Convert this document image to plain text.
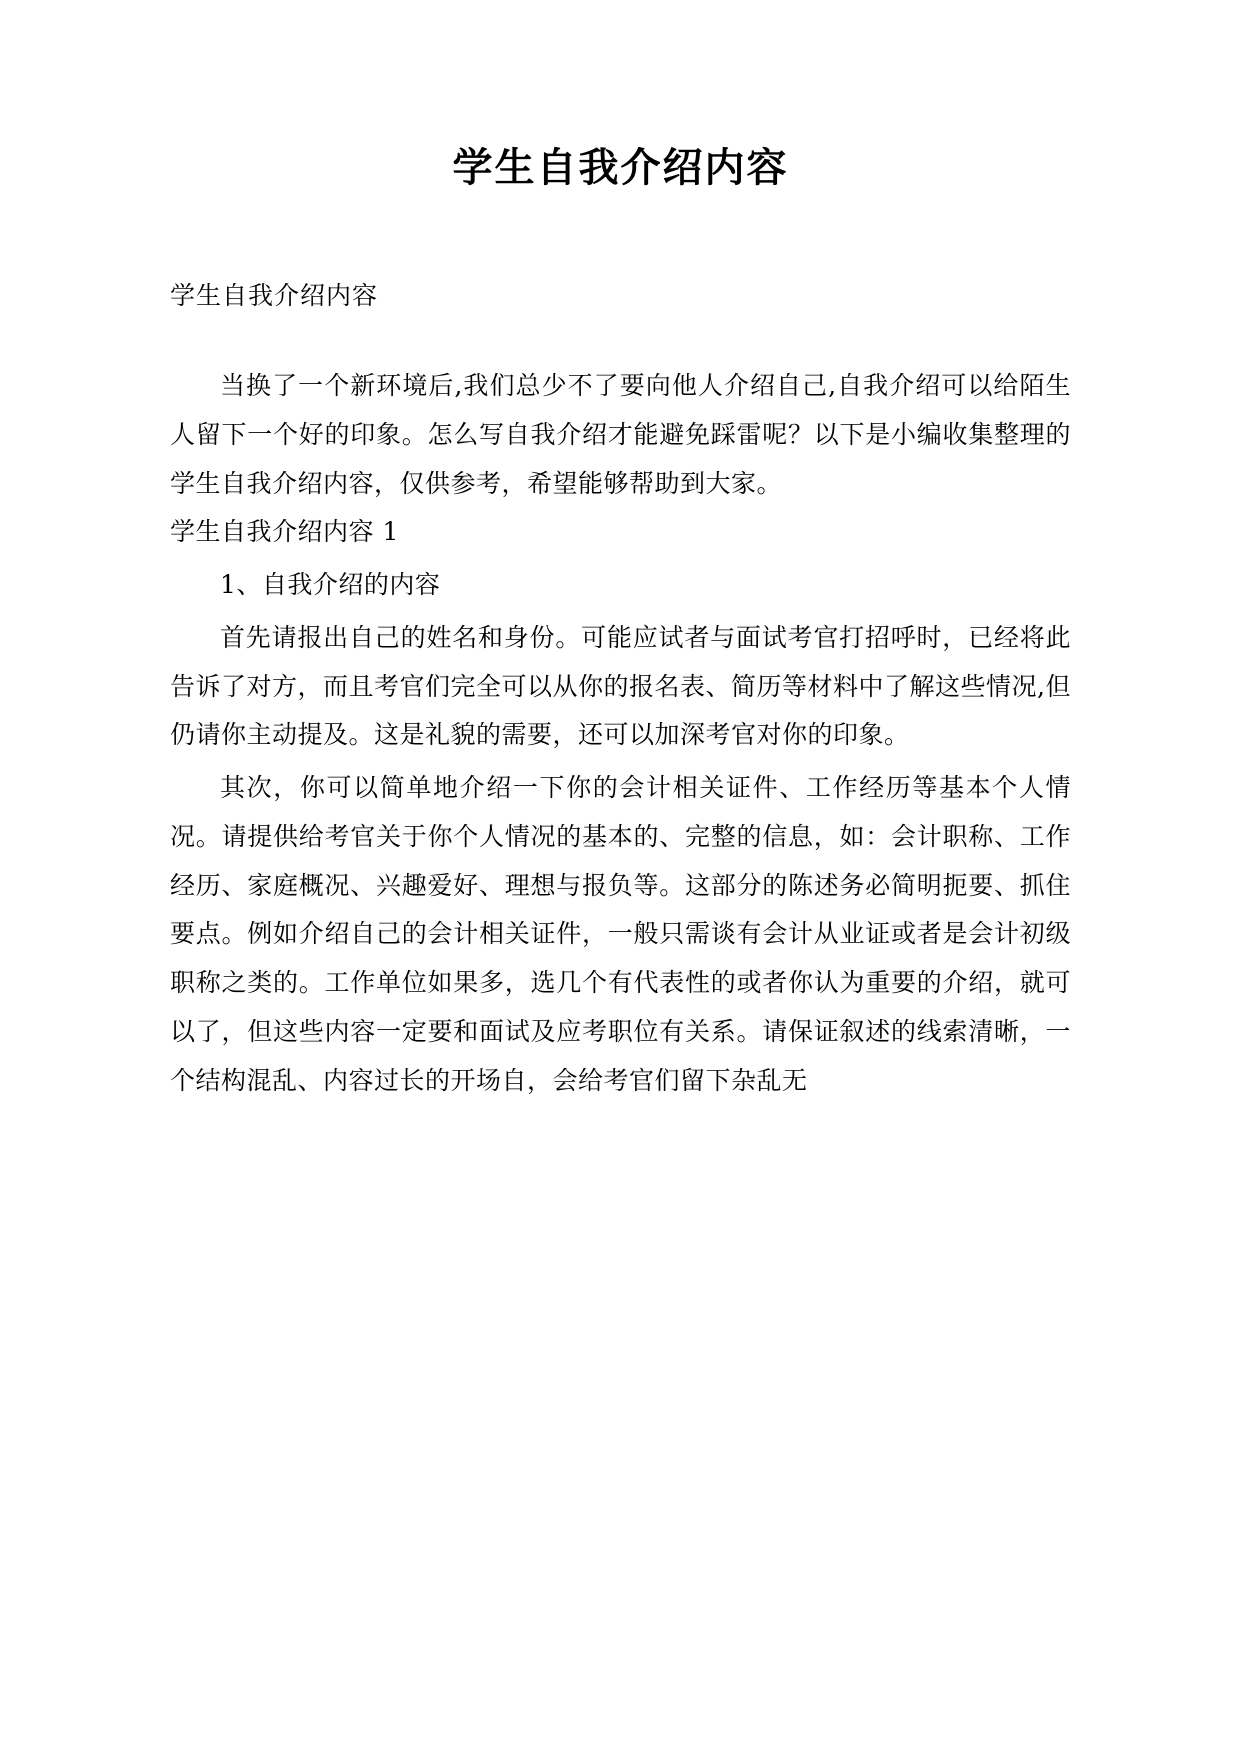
学生自我介绍内容

学生自我介绍内容

当换了一个新环境后,我们总少不了要向他人介绍自己,自我介绍可以给陌生人留下一个好的印象。怎么写自我介绍才能避免踩雷呢？以下是小编收集整理的学生自我介绍内容，仅供参考，希望能够帮助到大家。

学生自我介绍内容 1

1、自我介绍的内容

首先请报出自己的姓名和身份。可能应试者与面试考官打招呼时，已经将此告诉了对方，而且考官们完全可以从你的报名表、简历等材料中了解这些情况,但仍请你主动提及。这是礼貌的需要，还可以加深考官对你的印象。

其次，你可以简单地介绍一下你的会计相关证件、工作经历等基本个人情况。请提供给考官关于你个人情况的基本的、完整的信息，如：会计职称、工作经历、家庭概况、兴趣爱好、理想与报负等。这部分的陈述务必简明扼要、抓住要点。例如介绍自己的会计相关证件，一般只需谈有会计从业证或者是会计初级职称之类的。工作单位如果多，选几个有代表性的或者你认为重要的介绍，就可以了，但这些内容一定要和面试及应考职位有关系。请保证叙述的线索清晰，一个结构混乱、内容过长的开场自，会给考官们留下杂乱无
